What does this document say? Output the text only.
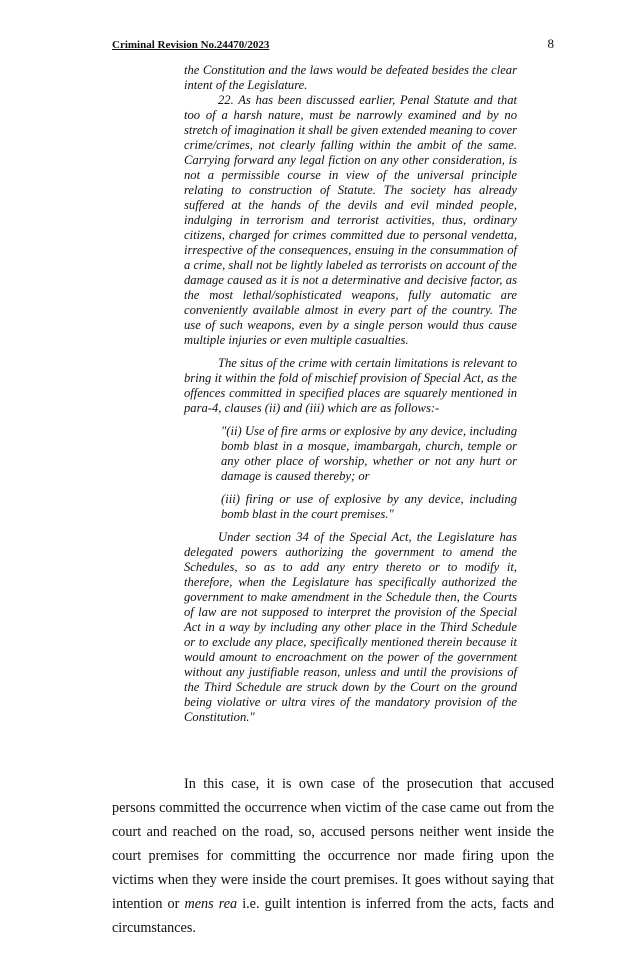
Criminal Revision No.24470/2023	8

the Constitution and the laws would be defeated besides the clear intent of the Legislature.

22. As has been discussed earlier, Penal Statute and that too of a harsh nature, must be narrowly examined and by no stretch of imagination it shall be given extended meaning to cover crime/crimes, not clearly falling within the ambit of the same. Carrying forward any legal fiction on any other consideration, is not a permissible course in view of the universal principle relating to construction of Statute. The society has already suffered at the hands of the devils and evil minded people, indulging in terrorism and terrorist activities, thus, ordinary citizens, charged for crimes committed due to personal vendetta, irrespective of the consequences, ensuing in the consummation of a crime, shall not be lightly labeled as terrorists on account of the damage caused as it is not a determinative and decisive factor, as the most lethal/sophisticated weapons, fully automatic are conveniently available almost in every part of the country. The use of such weapons, even by a single person would thus cause multiple injuries or even multiple casualties.

The situs of the crime with certain limitations is relevant to bring it within the fold of mischief provision of Special Act, as the offences committed in specified places are squarely mentioned in para-4, clauses (ii) and (iii) which are as follows:-

"(ii) Use of fire arms or explosive by any device, including bomb blast in a mosque, imambargah, church, temple or any other place of worship, whether or not any hurt or damage is caused thereby; or

(iii) firing or use of explosive by any device, including bomb blast in the court premises."

Under section 34 of the Special Act, the Legislature has delegated powers authorizing the government to amend the Schedules, so as to add any entry thereto or to modify it, therefore, when the Legislature has specifically authorized the government to make amendment in the Schedule then, the Courts of law are not supposed to interpret the provision of the Special Act in a way by including any other place in the Third Schedule or to exclude any place, specifically mentioned therein because it would amount to encroachment on the power of the government without any justifiable reason, unless and until the provisions of the Third Schedule are struck down by the Court on the ground being violative or ultra vires of the mandatory provision of the Constitution."

In this case, it is own case of the prosecution that accused persons committed the occurrence when victim of the case came out from the court and reached on the road, so, accused persons neither went inside the court premises for committing the occurrence nor made firing upon the victims when they were inside the court premises. It goes without saying that intention or mens rea i.e. guilt intention is inferred from the acts, facts and circumstances.
